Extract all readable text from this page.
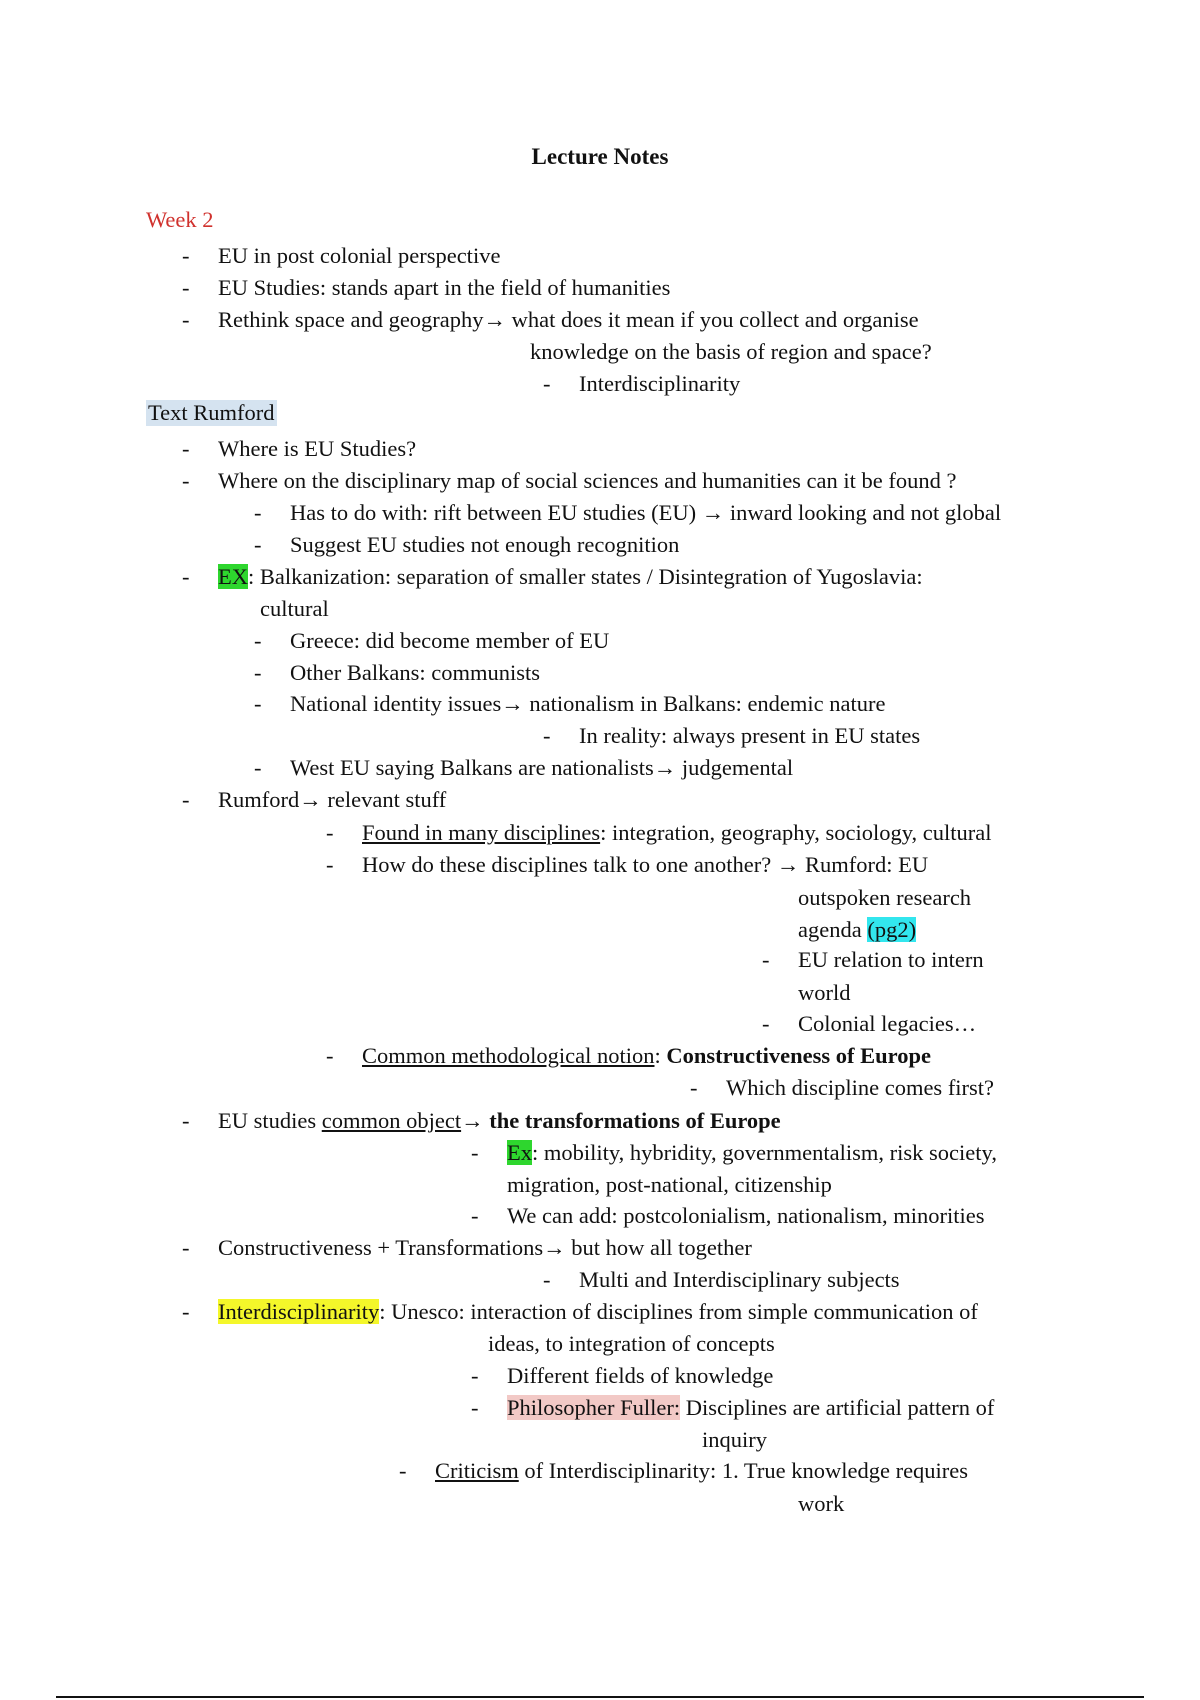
Lecture Notes
Week 2
- EU in post colonial perspective
- EU Studies: stands apart in the field of humanities
- Rethink space and geography→ what does it mean if you collect and organise
knowledge on the basis of region and space?
- Interdisciplinarity
Text Rumford
- Where is EU Studies?
- Where on the disciplinary map of social sciences and humanities can it be found ?
- Has to do with: rift between EU studies (EU) → inward looking and not global
- Suggest EU studies not enough recognition
- EX: Balkanization: separation of smaller states / Disintegration of Yugoslavia:
cultural
- Greece: did become member of EU
- Other Balkans: communists
- National identity issues→ nationalism in Balkans: endemic nature
- In reality: always present in EU states
- West EU saying Balkans are nationalists→ judgemental
- Rumford→ relevant stuff
- Found in many disciplines: integration, geography, sociology, cultural
- How do these disciplines talk to one another? → Rumford: EU
outspoken research
agenda (pg2)
- EU relation to intern
world
- Colonial legacies…
- Common methodological notion: Constructiveness of Europe
- Which discipline comes first?
- EU studies common object→ the transformations of Europe
- Ex: mobility, hybridity, governmentalism, risk society,
migration, post-national, citizenship
- We can add: postcolonialism, nationalism, minorities
- Constructiveness + Transformations→ but how all together
- Multi and Interdisciplinary subjects
- Interdisciplinarity: Unesco: interaction of disciplines from simple communication of
ideas, to integration of concepts
- Different fields of knowledge
- Philosopher Fuller: Disciplines are artificial pattern of
inquiry
- Criticism of Interdisciplinarity: 1. True knowledge requires
work
